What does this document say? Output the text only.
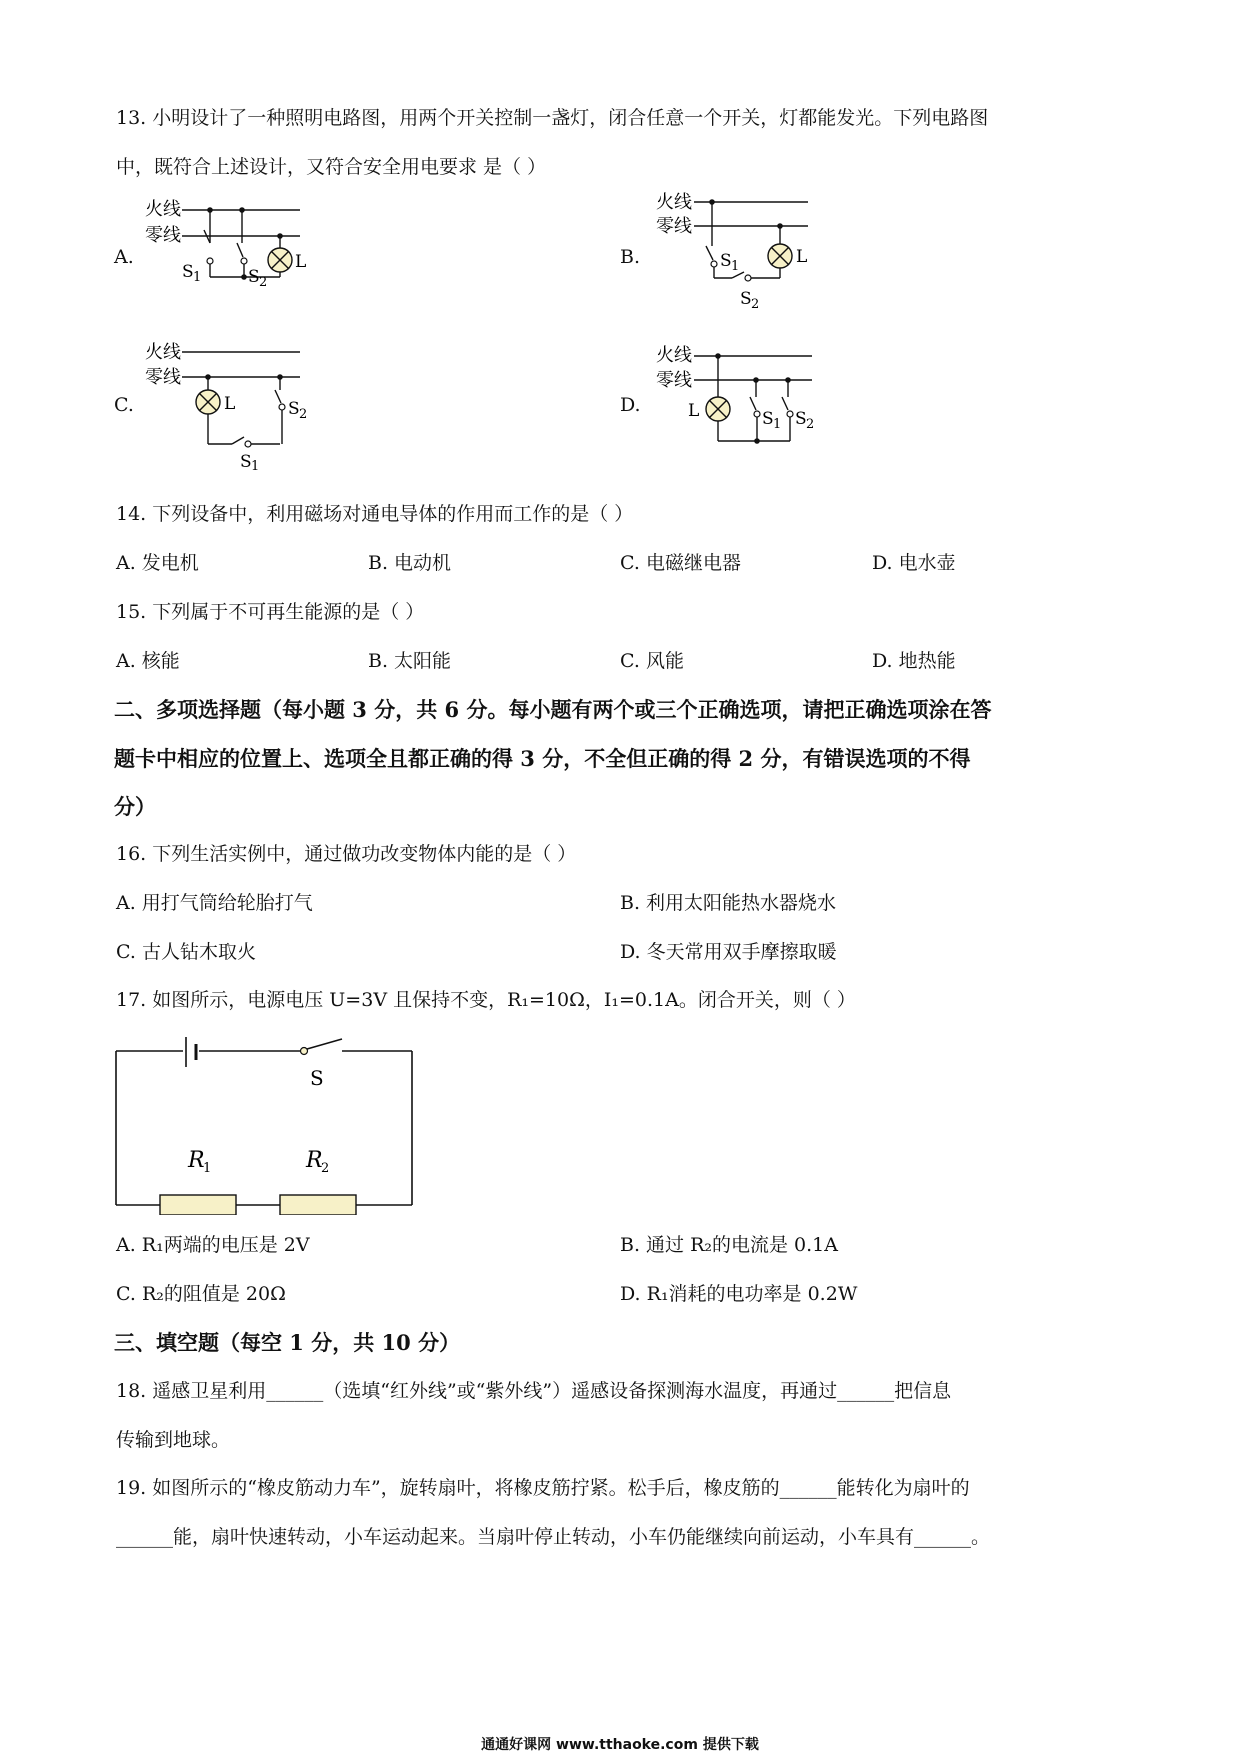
13. 小明设计了一种照明电路图，用两个开关控制一盏灯，闭合任意一个开关，灯都能发光。下列电路图
中，既符合上述设计，又符合安全用电要求 是（ ）
A.
火线
零线
L
S 1	S 2
B.
火线
零线
L
S 1
S 2
C.
火线
零线
L
S 1
S 2	D.
火线
零线
L	S 1 S 2
14. 下列设备中，利用磁场对通电导体的作用而工作的是（ ）
A. 发电机	B. 电动机	C. 电磁继电器	D. 电水壶
15. 下列属于不可再生能源的是（ ）
A. 核能	B. 太阳能	C. 风能	D. 地热能
二、多项选择题（每小题 3 分，共 6 分。每小题有两个或三个正确选项，请把正确选项涂在答
题卡中相应的位置上、选项全且都正确的得 3 分，不全但正确的得 2 分，有错误选项的不得
分）
16. 下列生活实例中，通过做功改变物体内能的是（ ）
A. 用打气筒给轮胎打气	B. 利用太阳能热水器烧水
C. 古人钻木取火	D. 冬天常用双手摩擦取暖
17. 如图所示，电源电压 U=3V 且保持不变，R₁=10Ω，I₁=0.1A。闭合开关，则（ ）
S
R
1	R
2
A. R₁两端的电压是 2V	B. 通过 R₂的电流是 0.1A
C. R₂的阻值是 20Ω	D. R₁消耗的电功率是 0.2W
三、填空题（每空 1 分，共 10 分）
18. 遥感卫星利用______（选填“红外线”或“紫外线”）遥感设备探测海水温度，再通过______把信息
传输到地球。
19. 如图所示的“橡皮筋动力车”，旋转扇叶，将橡皮筋拧紧。松手后，橡皮筋的______能转化为扇叶的
______能，扇叶快速转动，小车运动起来。当扇叶停止转动，小车仍能继续向前运动，小车具有______。
通通好课网 www.tthaoke.com 提供下载
